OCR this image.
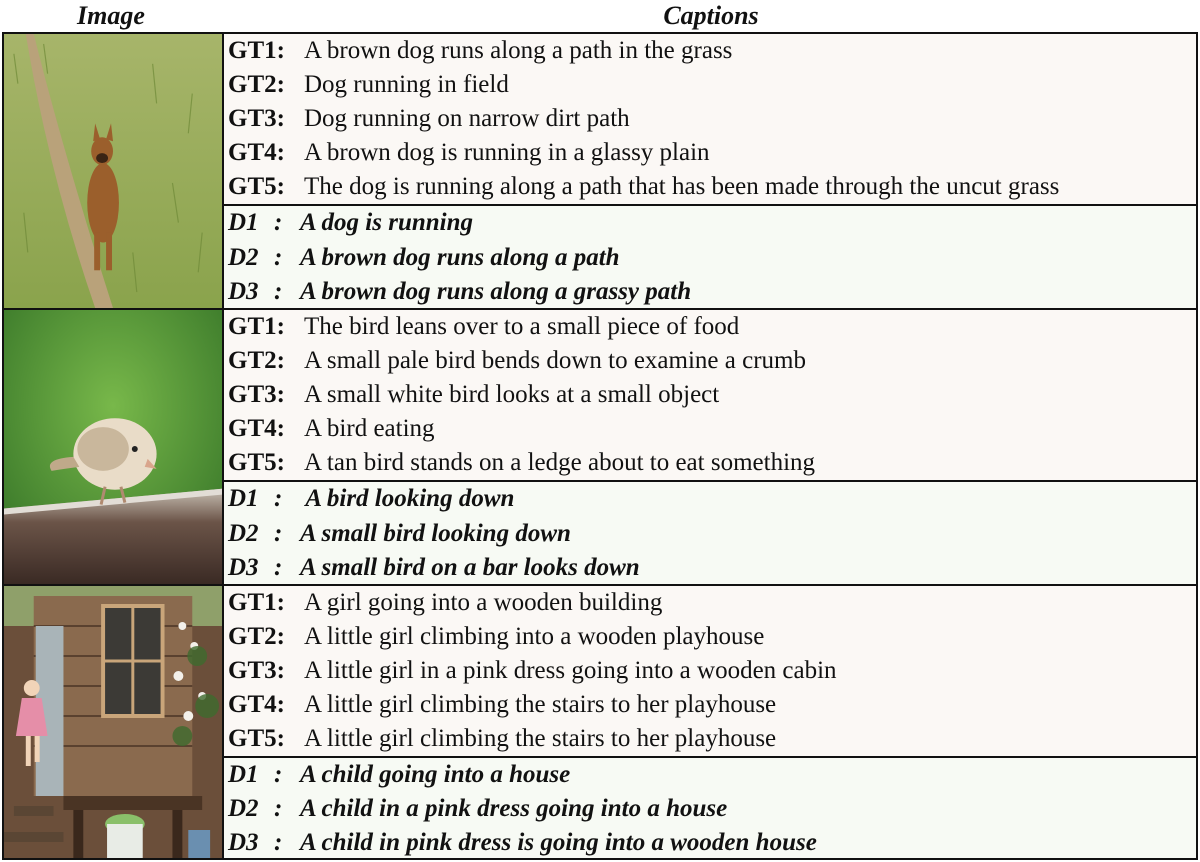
Image	Captions
GT1: A brown dog runs along a path in the grass
GT2: Dog running in field
GT3: Dog running on narrow dirt path
GT4: A brown dog is running in a glassy plain
GT5: The dog is running along a path that has been made through the uncut grass
D1 : A dog is running
D2 : A brown dog runs along a path
D3 : A brown dog runs along a grassy path
GT1: The bird leans over to a small piece of food
GT2: A small pale bird bends down to examine a crumb
GT3: A small white bird looks at a small object
GT4: A bird eating
GT5: A tan bird stands on a ledge about to eat something
D1 : A bird looking down
D2 : A small bird looking down
D3 : A small bird on a bar looks down
GT1: A girl going into a wooden building
GT2: A little girl climbing into a wooden playhouse
GT3: A little girl in a pink dress going into a wooden cabin
GT4: A little girl climbing the stairs to her playhouse
GT5: A little girl climbing the stairs to her playhouse
D1 : A child going into a house
D2 : A child in a pink dress going into a house
D3 : A child in pink dress is going into a wooden house
